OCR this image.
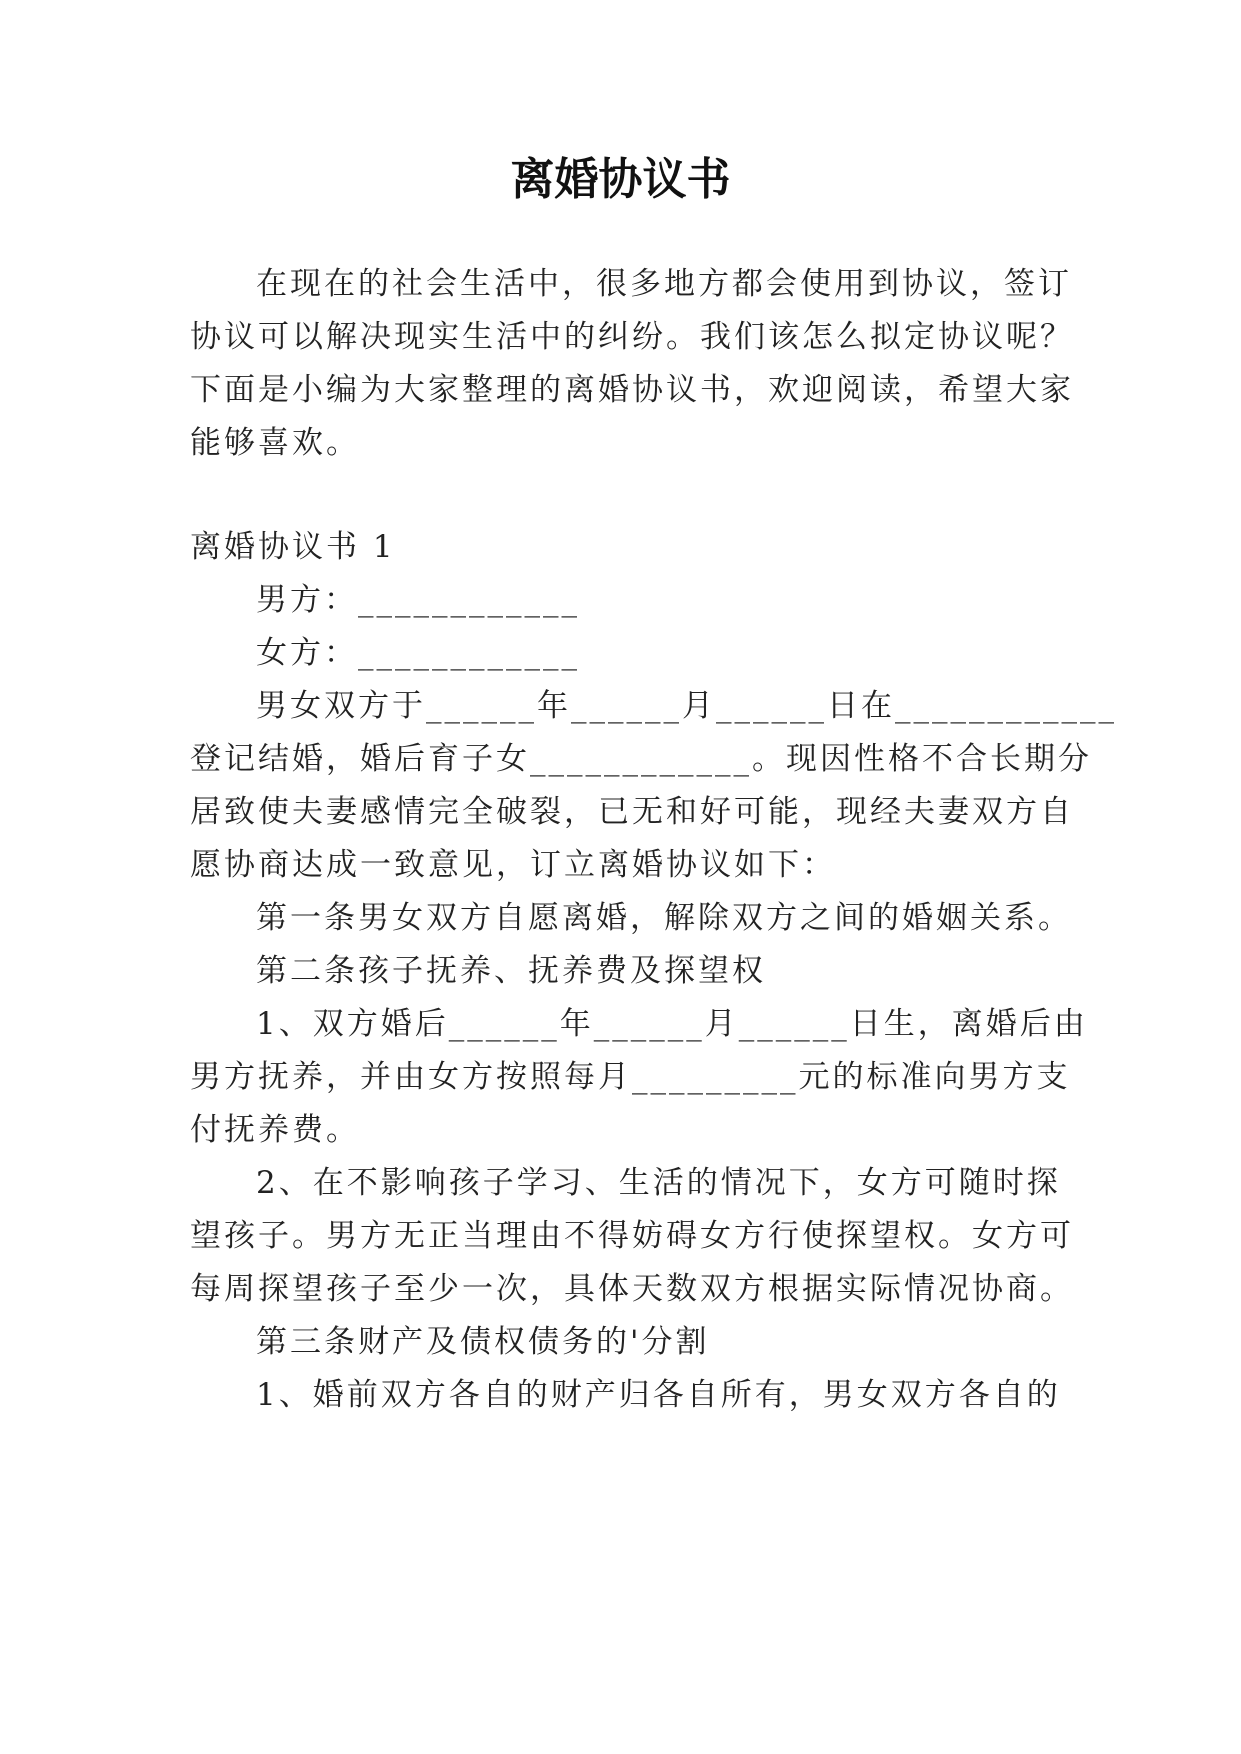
离婚协议书
在现在的社会生活中，很多地方都会使用到协议，签订
协议可以解决现实生活中的纠纷。我们该怎么拟定协议呢？
下面是小编为大家整理的离婚协议书，欢迎阅读，希望大家
能够喜欢。
离婚协议书 1
男方：____________
女方：____________
男女双方于______年______月______日在____________
登记结婚，婚后育子女____________。现因性格不合长期分
居致使夫妻感情完全破裂，已无和好可能，现经夫妻双方自
愿协商达成一致意见，订立离婚协议如下：
第一条男女双方自愿离婚，解除双方之间的婚姻关系。
第二条孩子抚养、抚养费及探望权
1、双方婚后______年______月______日生，离婚后由
男方抚养，并由女方按照每月_________元的标准向男方支
付抚养费。
2、在不影响孩子学习、生活的情况下，女方可随时探
望孩子。男方无正当理由不得妨碍女方行使探望权。女方可
每周探望孩子至少一次，具体天数双方根据实际情况协商。
第三条财产及债权债务的'分割
1、婚前双方各自的财产归各自所有，男女双方各自的
